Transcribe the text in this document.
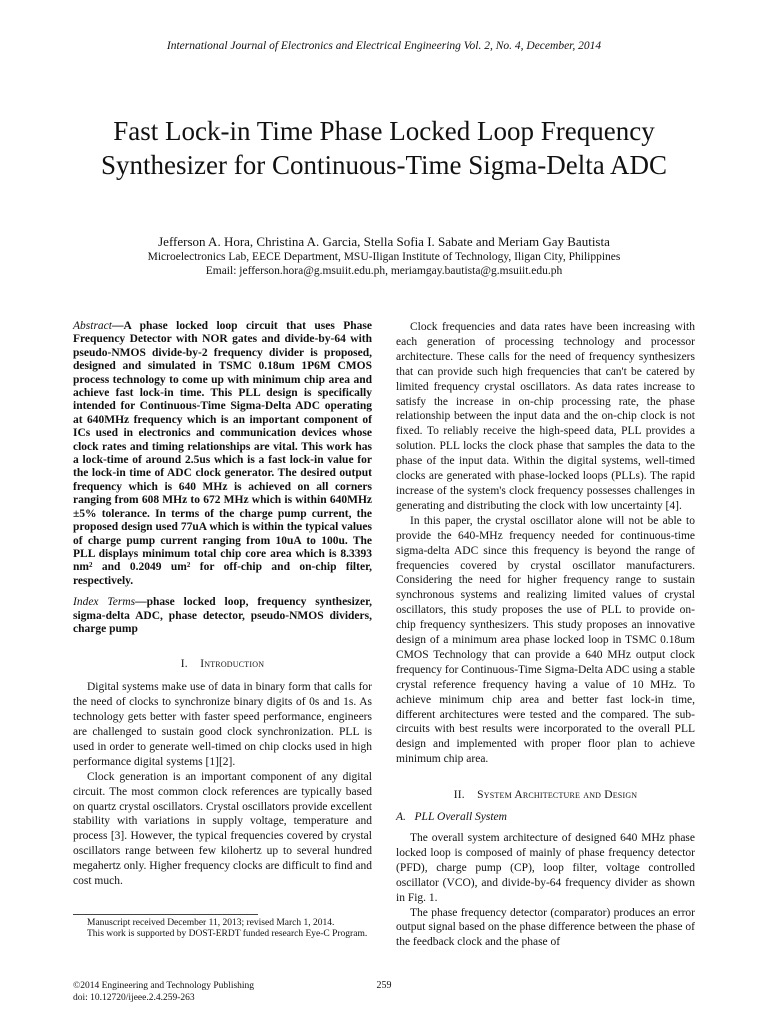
International Journal of Electronics and Electrical Engineering Vol. 2, No. 4, December, 2014
Fast Lock-in Time Phase Locked Loop Frequency Synthesizer for Continuous-Time Sigma-Delta ADC
Jefferson A. Hora, Christina A. Garcia, Stella Sofia I. Sabate and Meriam Gay Bautista
Microelectronics Lab, EECE Department, MSU-Iligan Institute of Technology, Iligan City, Philippines
Email: jefferson.hora@g.msuiit.edu.ph, meriamgay.bautista@g.msuiit.edu.ph

Abstract—A phase locked loop circuit that uses Phase Frequency Detector with NOR gates and divide-by-64 with pseudo-NMOS divide-by-2 frequency divider is proposed, designed and simulated in TSMC 0.18um 1P6M CMOS process technology to come up with minimum chip area and achieve fast lock-in time. This PLL design is specifically intended for Continuous-Time Sigma-Delta ADC operating at 640MHz frequency which is an important component of ICs used in electronics and communication devices whose clock rates and timing relationships are vital. This work has a lock-time of around 2.5us which is a fast lock-in value for the lock-in time of ADC clock generator. The desired output frequency which is 640 MHz is achieved on all corners ranging from 608 MHz to 672 MHz which is within 640MHz ±5% tolerance. In terms of the charge pump current, the proposed design used 77uA which is within the typical values of charge pump current ranging from 10uA to 100u. The PLL displays minimum total chip core area which is 8.3393 nm² and 0.2049 um² for off-chip and on-chip filter, respectively.

Index Terms—phase locked loop, frequency synthesizer, sigma-delta ADC, phase detector, pseudo-NMOS dividers, charge pump

I. Introduction

Digital systems make use of data in binary form that calls for the need of clocks to synchronize binary digits of 0s and 1s. As technology gets better with faster speed performance, engineers are challenged to sustain good clock synchronization. PLL is used in order to generate well-timed on chip clocks used in high performance digital systems [1][2].

Clock generation is an important component of any digital circuit. The most common clock references are typically based on quartz crystal oscillators. Crystal oscillators provide excellent stability with variations in supply voltage, temperature and process [3]. However, the typical frequencies covered by crystal oscillators range between few kilohertz up to several hundred megahertz only. Higher frequency clocks are difficult to find and cost much.

Clock frequencies and data rates have been increasing with each generation of processing technology and processor architecture. These calls for the need of frequency synthesizers that can provide such high frequencies that can't be catered by limited frequency crystal oscillators. As data rates increase to satisfy the increase in on-chip processing rate, the phase relationship between the input data and the on-chip clock is not fixed. To reliably receive the high-speed data, PLL provides a solution. PLL locks the clock phase that samples the data to the phase of the input data. Within the digital systems, well-timed clocks are generated with phase-locked loops (PLLs). The rapid increase of the system's clock frequency possesses challenges in generating and distributing the clock with low uncertainty [4].

In this paper, the crystal oscillator alone will not be able to provide the 640-MHz frequency needed for continuous-time sigma-delta ADC since this frequency is beyond the range of frequencies covered by crystal oscillator manufacturers. Considering the need for higher frequency range to sustain synchronous systems and realizing limited values of crystal oscillators, this study proposes the use of PLL to provide on-chip frequency synthesizers. This study proposes an innovative design of a minimum area phase locked loop in TSMC 0.18um CMOS Technology that can provide a 640 MHz output clock frequency for Continuous-Time Sigma-Delta ADC using a stable crystal reference frequency having a value of 10 MHz. To achieve minimum chip area and better fast lock-in time, different architectures were tested and the compared. The sub-circuits with best results were incorporated to the overall PLL design and implemented with proper floor plan to achieve minimum chip area.

II. System Architecture and Design

A. PLL Overall System

The overall system architecture of designed 640 MHz phase locked loop is composed of mainly of phase frequency detector (PFD), charge pump (CP), loop filter, voltage controlled oscillator (VCO), and divide-by-64 frequency divider as shown in Fig. 1.

The phase frequency detector (comparator) produces an error output signal based on the phase difference between the phase of the feedback clock and the phase of

Manuscript received December 11, 2013; revised March 1, 2014.

This work is supported by DOST-ERDT funded research Eye-C Program.

©2014 Engineering and Technology Publishing
doi: 10.12720/ijeee.2.4.259-263
259
